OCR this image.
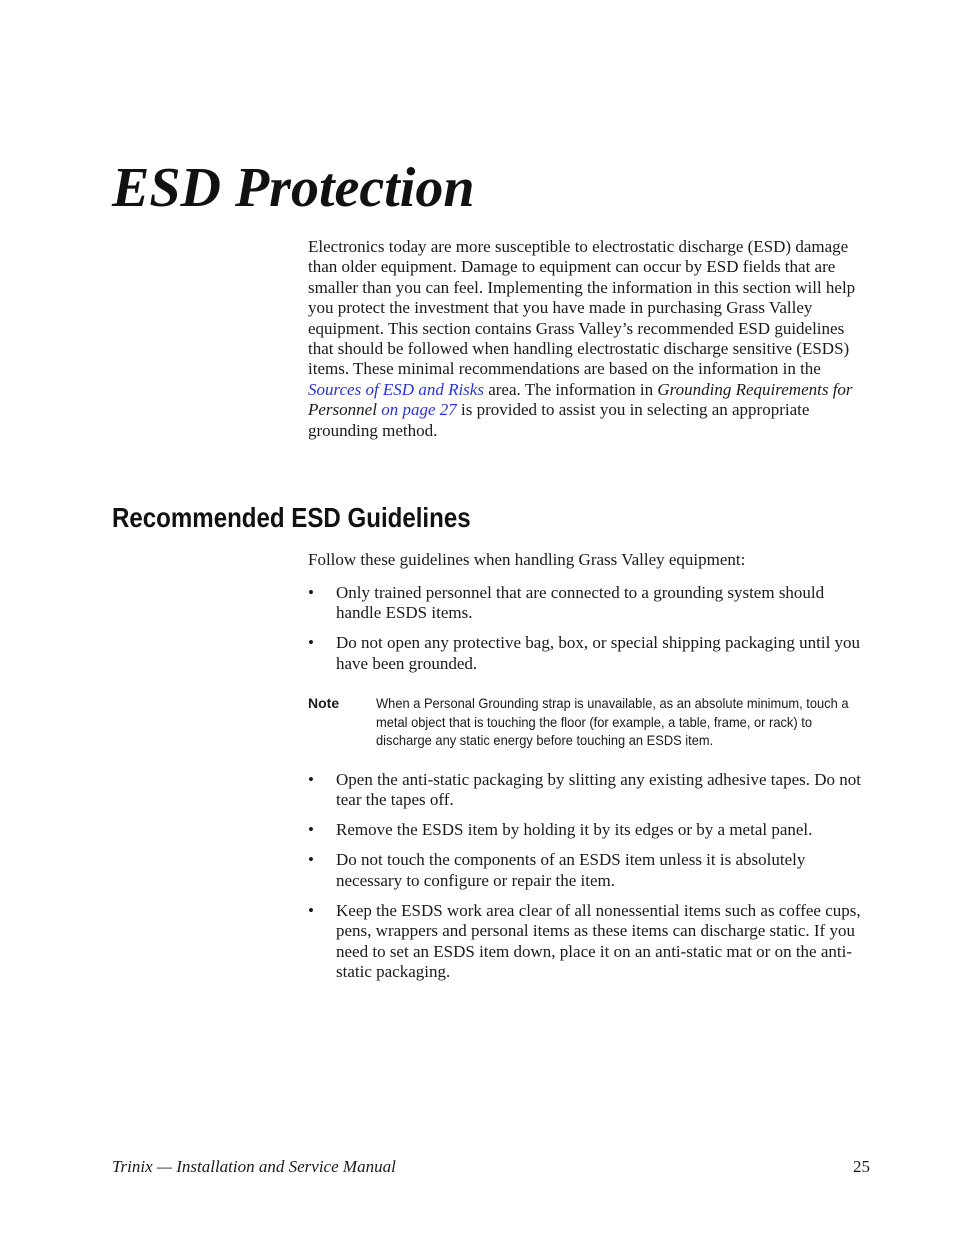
ESD Protection

Electronics today are more susceptible to electrostatic discharge (ESD) damage than older equipment. Damage to equipment can occur by ESD fields that are smaller than you can feel. Implementing the information in this section will help you protect the investment that you have made in purchasing Grass Valley equipment. This section contains Grass Valley’s recommended ESD guidelines that should be followed when handling electrostatic discharge sensitive (ESDS) items. These minimal recommendations are based on the information in the Sources of ESD and Risks area. The information in Grounding Requirements for Personnel on page 27 is provided to assist you in selecting an appropriate grounding method.

Recommended ESD Guidelines

Follow these guidelines when handling Grass Valley equipment:

• Only trained personnel that are connected to a grounding system should handle ESDS items.
• Do not open any protective bag, box, or special shipping packaging until you have been grounded.
Note	When a Personal Grounding strap is unavailable, as an absolute minimum, touch a metal object that is touching the floor (for example, a table, frame, or rack) to discharge any static energy before touching an ESDS item.
• Open the anti-static packaging by slitting any existing adhesive tapes. Do not tear the tapes off.
• Remove the ESDS item by holding it by its edges or by a metal panel.
• Do not touch the components of an ESDS item unless it is absolutely necessary to configure or repair the item.
• Keep the ESDS work area clear of all nonessential items such as coffee cups, pens, wrappers and personal items as these items can discharge static. If you need to set an ESDS item down, place it on an anti-static mat or on the anti-static packaging.
Trinix — Installation and Service Manual	25
